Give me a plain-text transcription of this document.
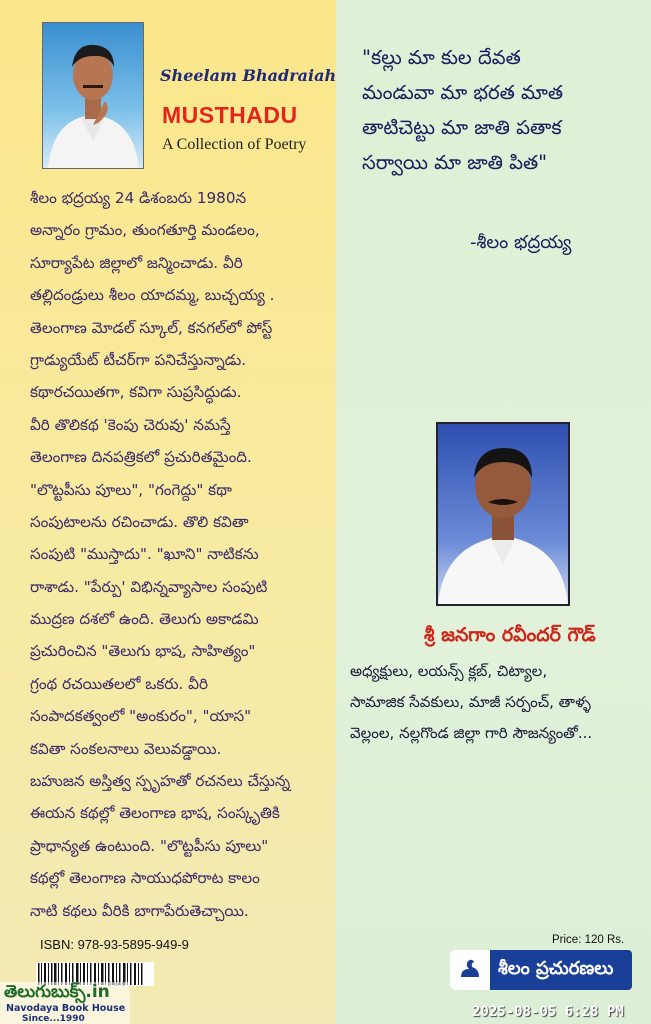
Sheelam Bhadraiah
MUSTHADU
A Collection of Poetry
శీలం భద్రయ్య 24 డిశంబరు 1980న
అన్నారం గ్రామం, తుంగతూర్తి మండలం,
సూర్యాపేట జిల్లాలో జన్మించాడు. వీరి
తల్లిదండ్రులు శీలం యాదమ్మ, బుచ్చయ్య .
తెలంగాణ మోడల్ స్కూల్, కనగల్‌లో పోస్ట్
గ్రాడ్యుయేట్ టీచర్‌గా పనిచేస్తున్నాడు.
కథారచయితగా, కవిగా సుప్రసిద్ధుడు.
వీరి తొలికథ 'కెంపు చెరువు' నమస్తే
తెలంగాణ దినపత్రికలో ప్రచురితమైంది.
"లొట్టపీసు పూలు", "గంగెద్దు" కథా
సంపుటాలను రచించాడు. తొలి కవితా
సంపుటి "ముస్తాదు". "ఖూని" నాటికను
రాశాడు. "పేర్పు' విభిన్నవ్యాసాల సంపుటి
ముద్రణ దశలో ఉంది. తెలుగు అకాడమి
ప్రచురించిన "తెలుగు భాష, సాహిత్యం"
గ్రంథ రచయితలలో ఒకరు. వీరి
సంపాదకత్వంలో "అంకురం", "యాస"
కవితా సంకలనాలు వెలువడ్డాయి.
బహుజన అస్తిత్వ స్పృహతో రచనలు చేస్తున్న
ఈయన కథల్లో తెలంగాణ భాష, సంస్కృతికి
ప్రాధాన్యత ఉంటుంది. "లొట్టపీసు పూలు"
కథల్లో తెలంగాణ సాయుధపోరాట కాలం
నాటి కథలు వీరికి బాగాపేరుతెచ్చాయి.
"కల్లు మా కుల దేవత
మండువా మా భరత మాత
తాటిచెట్టు మా జాతి పతాక
సర్వాయి మా జాతి పిత"
-శీలం భద్రయ్య
శ్రీ జనగాం రవీందర్ గౌడ్
అధ్యక్షులు, లయన్స్ క్లబ్, చిట్యాల,
సామాజిక సేవకులు, మాజీ సర్పంచ్, తాళ్ళ
వెల్లంల, నల్లగొండ జిల్లా గారి సౌజన్యంతో...
ISBN: 978-93-5895-949-9	Price: 120 Rs.
శీలం ప్రచురణలు
తెలుగుబుక్స్.in
Navodaya Book House
Since...1990	2025-08-05 6:28 PM
